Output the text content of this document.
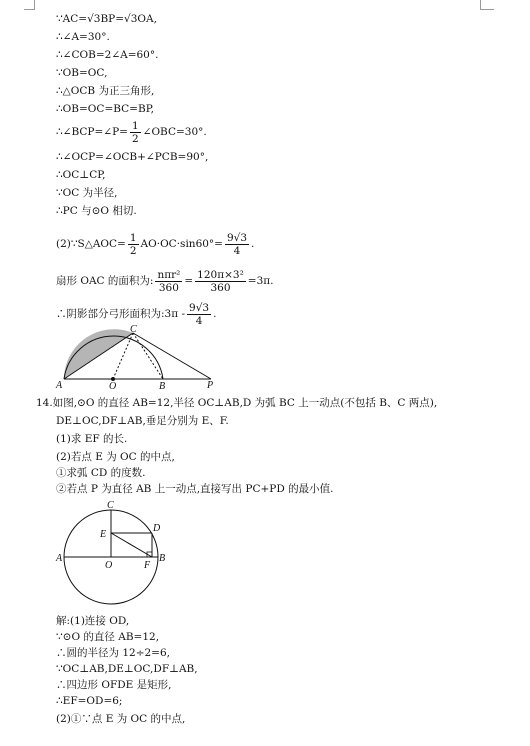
∵AC=√3BP=√3OA,
∴∠A=30°.
∴∠COB=2∠A=60°.
∵OB=OC,
∴△OCB 为正三角形,
∴OB=OC=BC=BP,
∴∠BCP=∠P= $\frac{1}{2}$ ∠OBC=30°.
∴∠OCP=∠OCB+∠PCB=90°,
∴OC⊥CP,
∵OC 为半径,
∴PC 与⊙O 相切.
(2)∵S△AOC= $\frac{1}{2} AO\cdot OC\cdot\sin 60^\circ= \frac{9√3}{4}$ .
扇形 OAC 的面积为: $\frac{\text{nπr²}}{360} = \frac{\text{120π×3²}}{360} =3\pi$.
∴阴影部分弓形面积为:3π - $\frac{9√3}{4}$ .
C
A	O	B	P
14.如图,⊙O 的直径 AB=12,半径 OC⊥AB,D 为弧 BC 上一动点(不包括 B、C 两点),
DE⊥OC,DF⊥AB,垂足分别为 E、F.
(1)求 EF 的长.
(2)若点 E 为 OC 的中点,
①求弧 CD 的度数.
②若点 P 为直径 AB 上一动点,直接写出 PC+PD 的最小值.
C
D
E
A
O	F
B
解:(1)连接 OD,
∵⊙O 的直径 AB=12,
∴圆的半径为 12÷2=6,
∵OC⊥AB,DE⊥OC,DF⊥AB,
∴四边形 OFDE 是矩形,
∴EF=OD=6;
(2)①∵点 E 为 OC 的中点,
